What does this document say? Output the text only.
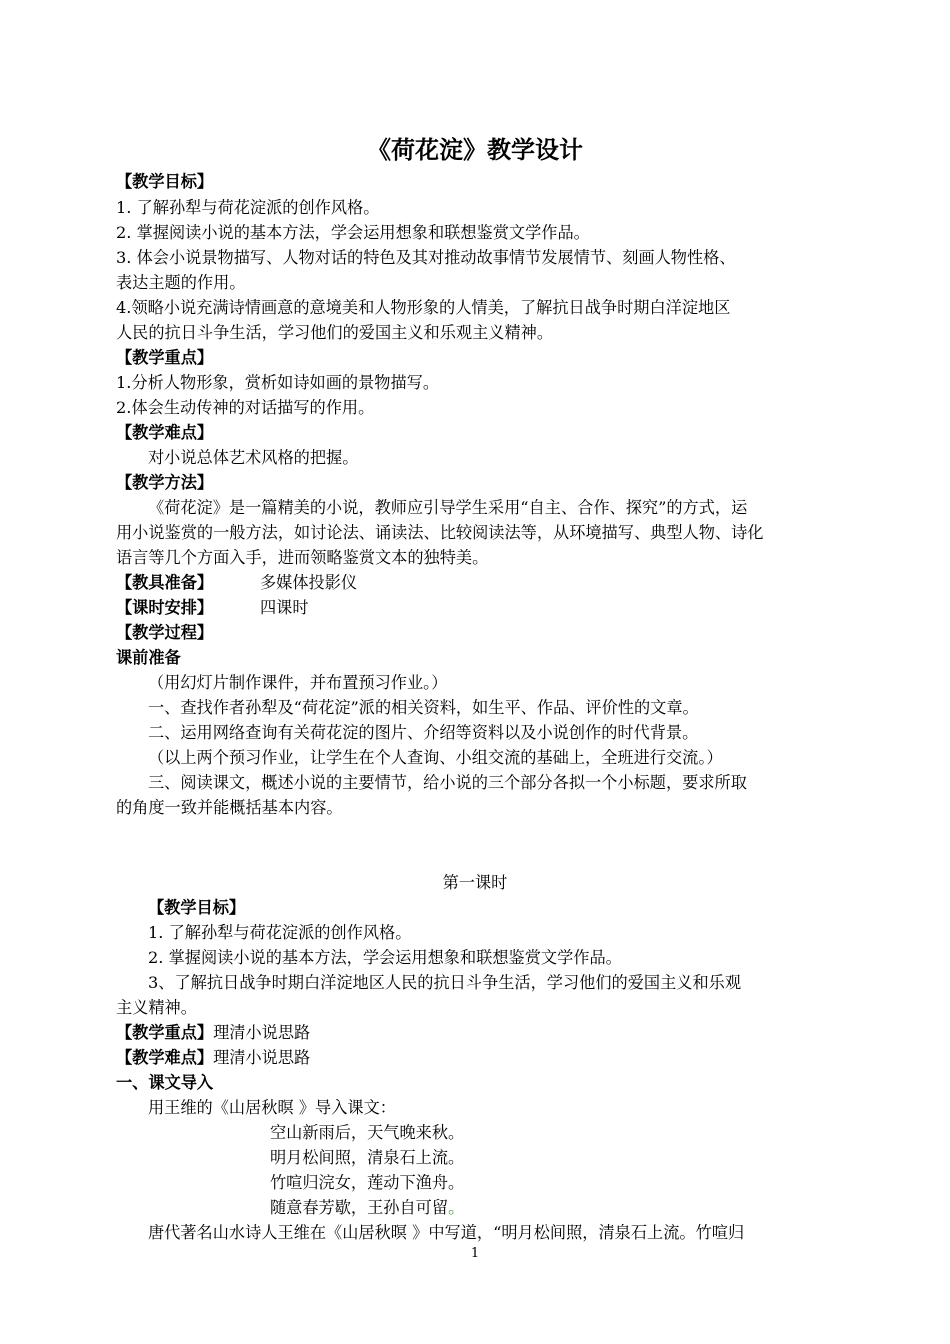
《荷花淀》教学设计
【教学目标】
1. 了解孙犁与荷花淀派的创作风格。
2. 掌握阅读小说的基本方法，学会运用想象和联想鉴赏文学作品。
3. 体会小说景物描写、人物对话的特色及其对推动故事情节发展情节、刻画人物性格、
表达主题的作用。
4.领略小说充满诗情画意的意境美和人物形象的人情美，了解抗日战争时期白洋淀地区
人民的抗日斗争生活，学习他们的爱国主义和乐观主义精神。
【教学重点】
1.分析人物形象，赏析如诗如画的景物描写。
2.体会生动传神的对话描写的作用。
【教学难点】
对小说总体艺术风格的把握。
【教学方法】
《荷花淀》是一篇精美的小说，教师应引导学生采用“自主、合作、探究”的方式，运
用小说鉴赏的一般方法，如讨论法、诵读法、比较阅读法等，从环境描写、典型人物、诗化
语言等几个方面入手，进而领略鉴赏文本的独特美。
【教具准备】	多媒体投影仪
【课时安排】	四课时
【教学过程】
课前准备
（用幻灯片制作课件，并布置预习作业。）
一、查找作者孙犁及“荷花淀”派的相关资料，如生平、作品、评价性的文章。
二、运用网络查询有关荷花淀的图片、介绍等资料以及小说创作的时代背景。
（以上两个预习作业，让学生在个人查询、小组交流的基础上，全班进行交流。）
三、阅读课文，概述小说的主要情节，给小说的三个部分各拟一个小标题，要求所取
的角度一致并能概括基本内容。
第一课时
【教学目标】
1. 了解孙犁与荷花淀派的创作风格。
2. 掌握阅读小说的基本方法，学会运用想象和联想鉴赏文学作品。
3、了解抗日战争时期白洋淀地区人民的抗日斗争生活，学习他们的爱国主义和乐观
主义精神。
【教学重点】理清小说思路
【教学难点】理清小说思路
一、课文导入
用王维的《山居秋暝 》导入课文：
空山新雨后，天气晚来秋。
明月松间照，清泉石上流。
竹喧归浣女，莲动下渔舟。
随意春芳歇，王孙自可留。
唐代著名山水诗人王维在《山居秋暝 》中写道，“明月松间照，清泉石上流。竹喧归
1
